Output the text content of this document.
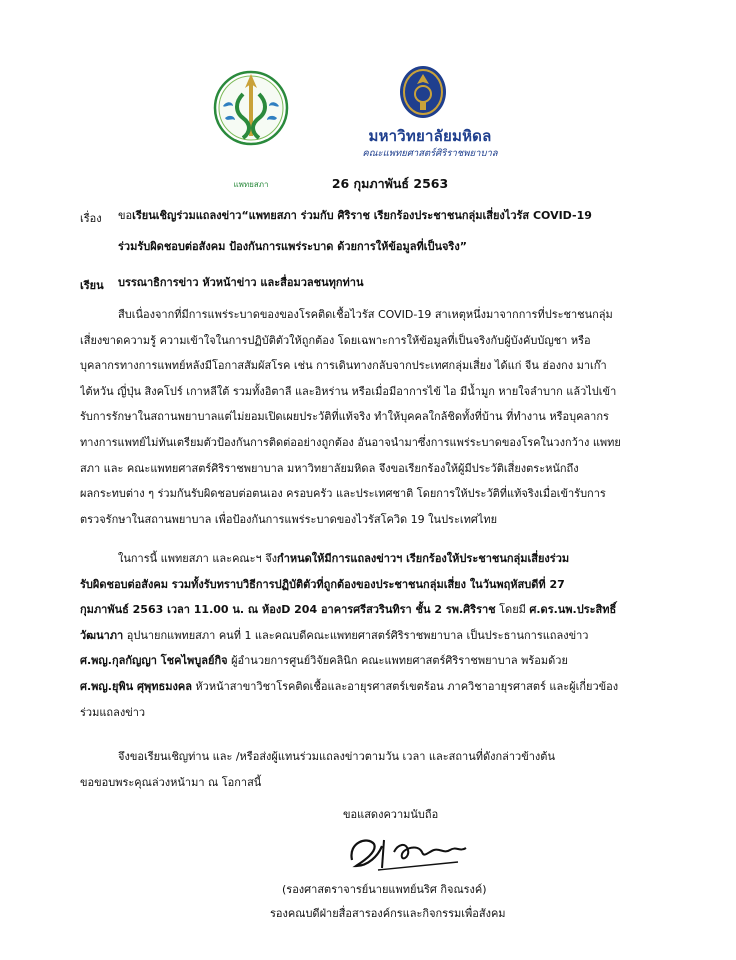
แพทยสภา
มหาวิทยาลัยมหิดล
คณะแพทยศาสตร์ศิริราชพยาบาล
26 กุมภาพันธ์ 2563
เรื่อง ขอเรียนเชิญร่วมแถลงข่าว“แพทยสภา ร่วมกับ ศิริราช เรียกร้องประชาชนกลุ่มเสี่ยงไวรัส COVID-19
ร่วมรับผิดชอบต่อสังคม ป้องกันการแพร่ระบาด ด้วยการให้ข้อมูลที่เป็นจริง”
เรียน บรรณาธิการข่าว หัวหน้าข่าว และสื่อมวลชนทุกท่าน
สืบเนื่องจากที่มีการแพร่ระบาดของของโรคติดเชื้อไวรัส COVID-19 สาเหตุหนึ่งมาจากการที่ประชาชนกลุ่ม
เสี่ยงขาดความรู้ ความเข้าใจในการปฏิบัติตัวให้ถูกต้อง โดยเฉพาะการให้ข้อมูลที่เป็นจริงกับผู้บังคับบัญชา หรือ
บุคลากรทางการแพทย์หลังมีโอกาสสัมผัสโรค เช่น การเดินทางกลับจากประเทศกลุ่มเสี่ยง ได้แก่ จีน ฮ่องกง มาเก๊า
ไต้หวัน ญี่ปุ่น สิงคโปร์ เกาหลีใต้ รวมทั้งอิตาลี และอิหร่าน หรือเมื่อมีอาการไข้ ไอ มีน้ำมูก หายใจลำบาก แล้วไปเข้า
รับการรักษาในสถานพยาบาลแต่ไม่ยอมเปิดเผยประวัติที่แท้จริง ทำให้บุคคลใกล้ชิดทั้งที่บ้าน ที่ทำงาน หรือบุคลากร
ทางการแพทย์ไม่ทันเตรียมตัวป้องกันการติดต่ออย่างถูกต้อง อันอาจนำมาซึ่งการแพร่ระบาดของโรคในวงกว้าง แพทย
สภา และ คณะแพทยศาสตร์ศิริราชพยาบาล มหาวิทยาลัยมหิดล จึงขอเรียกร้องให้ผู้มีประวัติเสี่ยงตระหนักถึง
ผลกระทบต่าง ๆ ร่วมกันรับผิดชอบต่อตนเอง ครอบครัว และประเทศชาติ โดยการให้ประวัติที่แท้จริงเมื่อเข้ารับการ
ตรวจรักษาในสถานพยาบาล เพื่อป้องกันการแพร่ระบาดของไวรัสโควิด 19 ในประเทศไทย
ในการนี้ แพทยสภา และคณะฯ จึงกำหนดให้มีการแถลงข่าวฯ เรียกร้องให้ประชาชนกลุ่มเสี่ยงร่วม
รับผิดชอบต่อสังคม รวมทั้งรับทราบวิธีการปฏิบัติตัวที่ถูกต้องของประชาชนกลุ่มเสี่ยง ในวันพฤหัสบดีที่ 27
กุมภาพันธ์ 2563 เวลา 11.00 น. ณ ห้องD 204 อาคารศรีสวรินทิรา ชั้น 2 รพ.ศิริราช โดยมี ศ.ดร.นพ.ประสิทธิ์
วัฒนาภา อุปนายกแพทยสภา คนที่ 1 และคณบดีคณะแพทยศาสตร์ศิริราชพยาบาล เป็นประธานการแถลงข่าว
ศ.พญ.กุลกัญญา โชคไพบูลย์กิจ ผู้อำนวยการศูนย์วิจัยคลินิก คณะแพทยศาสตร์ศิริราชพยาบาล พร้อมด้วย
ศ.พญ.ยุพิน ศุพุทธมงคล หัวหน้าสาขาวิชาโรคติดเชื้อและอายุรศาสตร์เขตร้อน ภาควิชาอายุรศาสตร์ และผู้เกี่ยวข้อง
ร่วมแถลงข่าว
จึงขอเรียนเชิญท่าน และ /หรือส่งผู้แทนร่วมแถลงข่าวตามวัน เวลา และสถานที่ดังกล่าวข้างต้น
ขอขอบพระคุณล่วงหน้ามา ณ โอกาสนี้
ขอแสดงความนับถือ
(รองศาสตราจารย์นายแพทย์นริศ กิจณรงค์)
รองคณบดีฝ่ายสื่อสารองค์กรและกิจกรรมเพื่อสังคม
